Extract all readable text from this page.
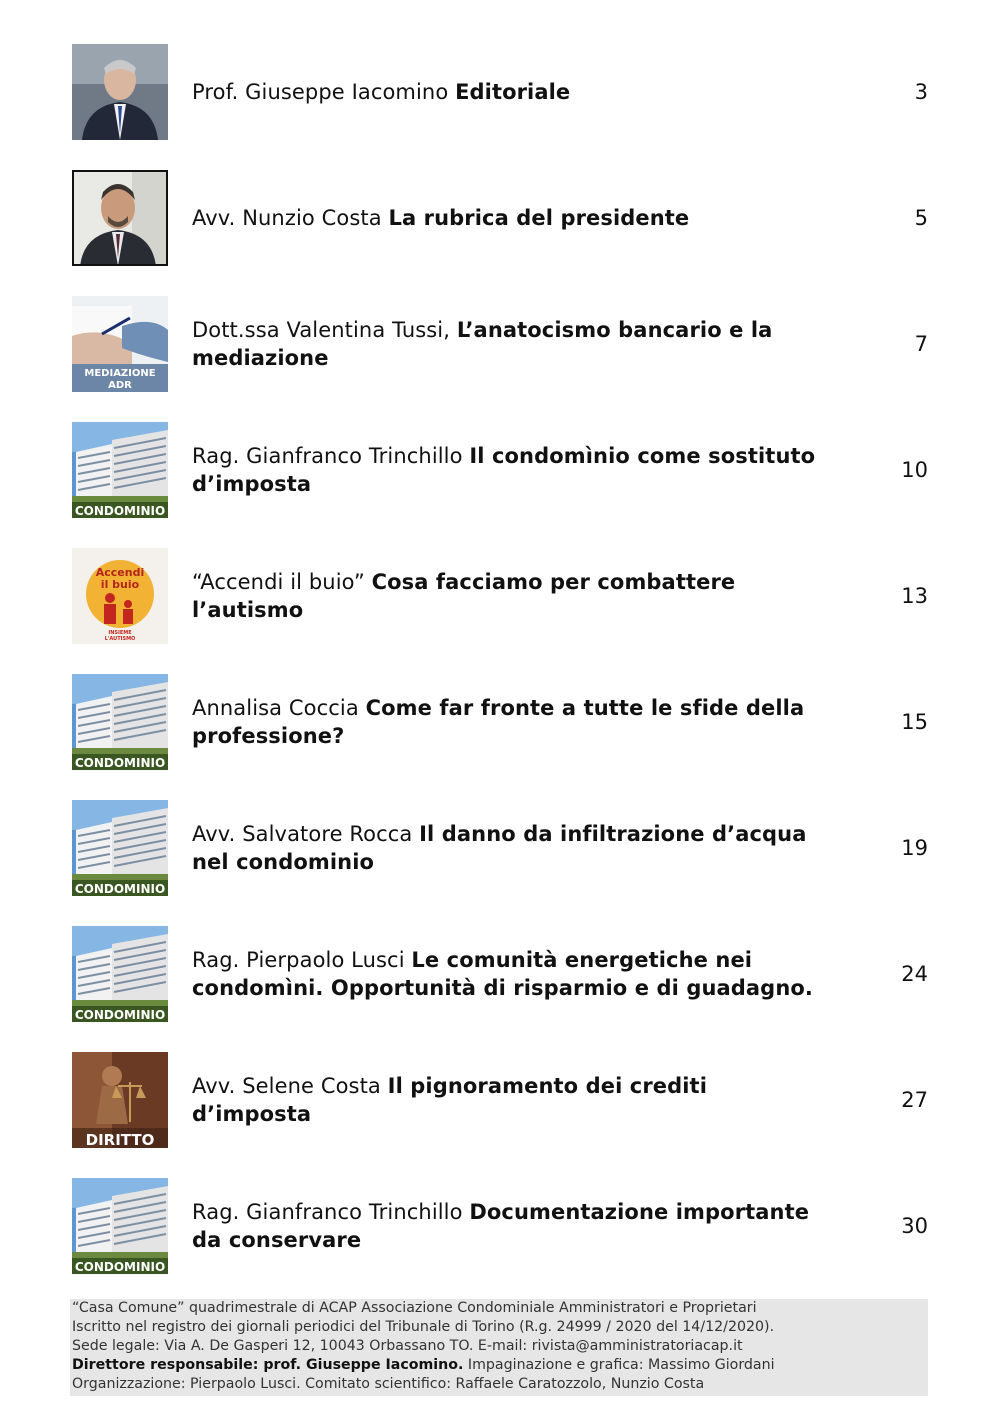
Prof. Giuseppe Iacomino Editoriale	3

Avv. Nunzio Costa La rubrica del presidente	5
MEDIAZIONE
ADR

Dott.ssa Valentina Tussi, L’anatocismo bancario e la mediazione

7
CONDOMINIO

Rag. Gianfranco Trinchillo Il condomìnio come sostituto d’imposta

10
Accendi
il buio
INSIEME
L'AUTISMO

“Accendi il buio” Cosa facciamo per combattere l’autismo

13
CONDOMINIO

Annalisa Coccia Come far fronte a tutte le sfide della professione?

15
CONDOMINIO

Avv. Salvatore Rocca Il danno da infiltrazione d’acqua nel condominio

19
CONDOMINIO

Rag. Pierpaolo Lusci Le comunità energetiche nei condomìni. Opportunità di risparmio e di guadagno.

24
DIRITTO

Avv. Selene Costa Il pignoramento dei crediti d’imposta

27
CONDOMINIO

Rag. Gianfranco Trinchillo Documentazione importante da conservare

30
“Casa Comune” quadrimestrale di ACAP Associazione Condominiale Amministratori e Proprietari
Iscritto nel registro dei giornali periodici del Tribunale di Torino (R.g. 24999 / 2020 del 14/12/2020).
Sede legale: Via A. De Gasperi 12, 10043 Orbassano TO. E-mail: rivista@amministratoriacap.it
Direttore responsabile: prof. Giuseppe Iacomino. Impaginazione e grafica: Massimo Giordani
Organizzazione: Pierpaolo Lusci. Comitato scientifico: Raffaele Caratozzolo, Nunzio Costa
